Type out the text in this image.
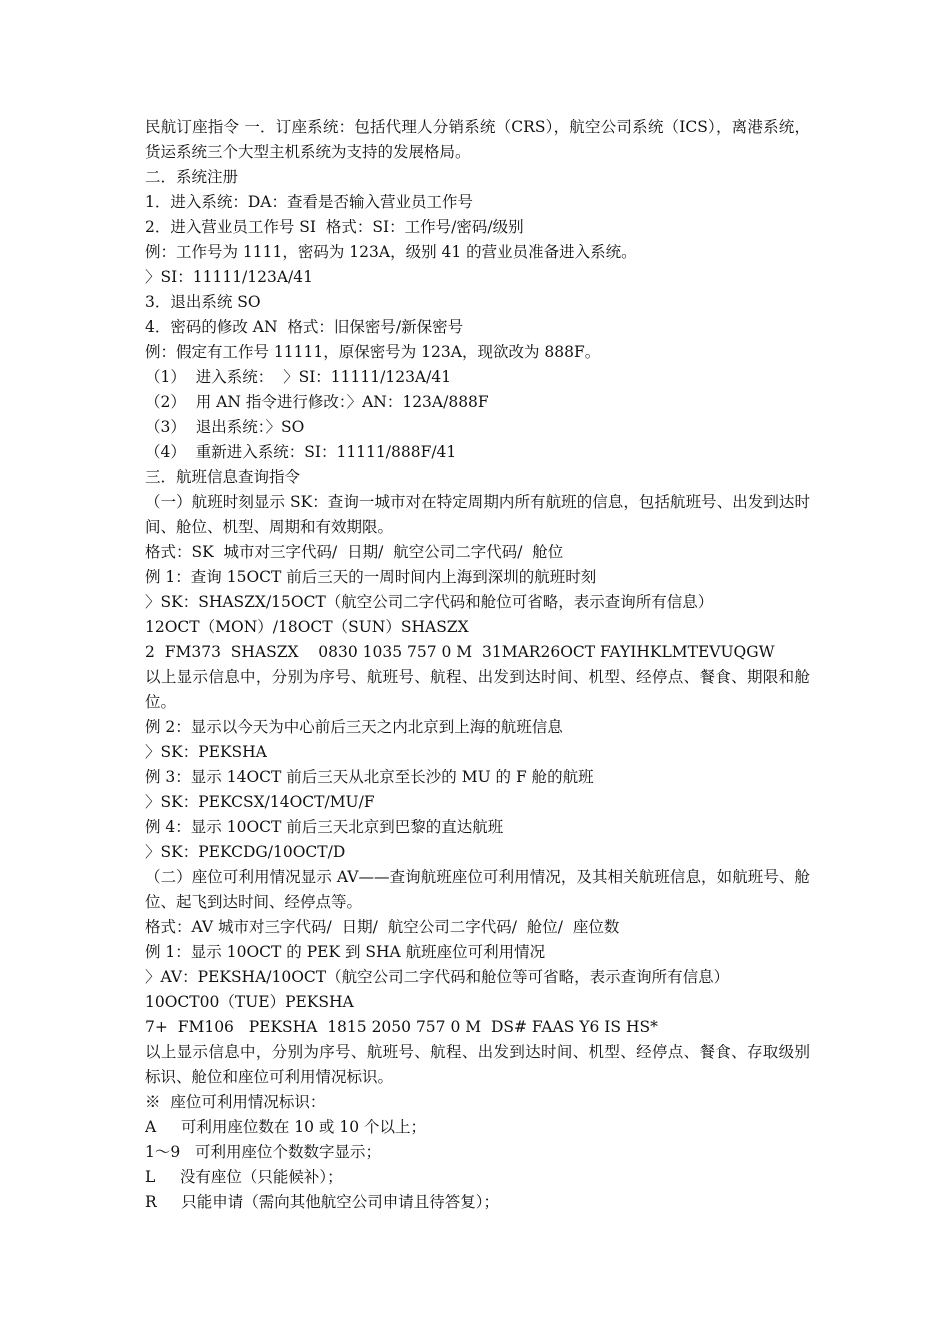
民航订座指令 一．订座系统：包括代理人分销系统（CRS），航空公司系统（ICS），离港系统，货运系统三个大型主机系统为支持的发展格局。
二．系统注册
1．进入系统：DA：查看是否输入营业员工作号
2．进入营业员工作号 SI  格式：SI：工作号/密码/级别
例：工作号为 1111，密码为 123A，级别 41 的营业员准备进入系统。
〉SI：11111/123A/41
3．退出系统 SO
4．密码的修改 AN  格式：旧保密号/新保密号
例：假定有工作号 11111，原保密号为 123A，现欲改为 888F。
（1）  进入系统：  〉SI：11111/123A/41
（2）  用 AN 指令进行修改：〉AN：123A/888F
（3）  退出系统：〉SO
（4）  重新进入系统：SI：11111/888F/41
三．航班信息查询指令
（一）航班时刻显示 SK：查询一城市对在特定周期内所有航班的信息，包括航班号、出发到达时间、舱位、机型、周期和有效期限。
格式：SK  城市对三字代码/  日期/  航空公司二字代码/  舱位
例 1：查询 15OCT 前后三天的一周时间内上海到深圳的航班时刻
〉SK：SHASZX/15OCT（航空公司二字代码和舱位可省略，表示查询所有信息）
12OCT（MON）/18OCT（SUN）SHASZX
2  FM373  SHASZX    0830 1035 757 0 M  31MAR26OCT FAYIHKLMTEVUQGW
以上显示信息中，分别为序号、航班号、航程、出发到达时间、机型、经停点、餐食、期限和舱位。
例 2：显示以今天为中心前后三天之内北京到上海的航班信息
〉SK：PEKSHA
例 3：显示 14OCT 前后三天从北京至长沙的 MU 的 F 舱的航班
〉SK：PEKCSX/14OCT/MU/F
例 4：显示 10OCT 前后三天北京到巴黎的直达航班
〉SK：PEKCDG/10OCT/D
（二）座位可利用情况显示 AV——查询航班座位可利用情况，及其相关航班信息，如航班号、舱位、起飞到达时间、经停点等。
格式：AV 城市对三字代码/  日期/  航空公司二字代码/  舱位/  座位数
例 1：显示 10OCT 的 PEK 到 SHA 航班座位可利用情况
〉AV：PEKSHA/10OCT（航空公司二字代码和舱位等可省略，表示查询所有信息）
10OCT00（TUE）PEKSHA
7+  FM106   PEKSHA  1815 2050 757 0 M  DS# FAAS Y6 IS HS*
以上显示信息中，分别为序号、航班号、航程、出发到达时间、机型、经停点、餐食、存取级别标识、舱位和座位可利用情况标识。
※  座位可利用情况标识：
A     可利用座位数在 10 或 10 个以上；
1～9   可利用座位个数数字显示；
L     没有座位（只能候补）；
R     只能申请（需向其他航空公司申请且待答复）；
